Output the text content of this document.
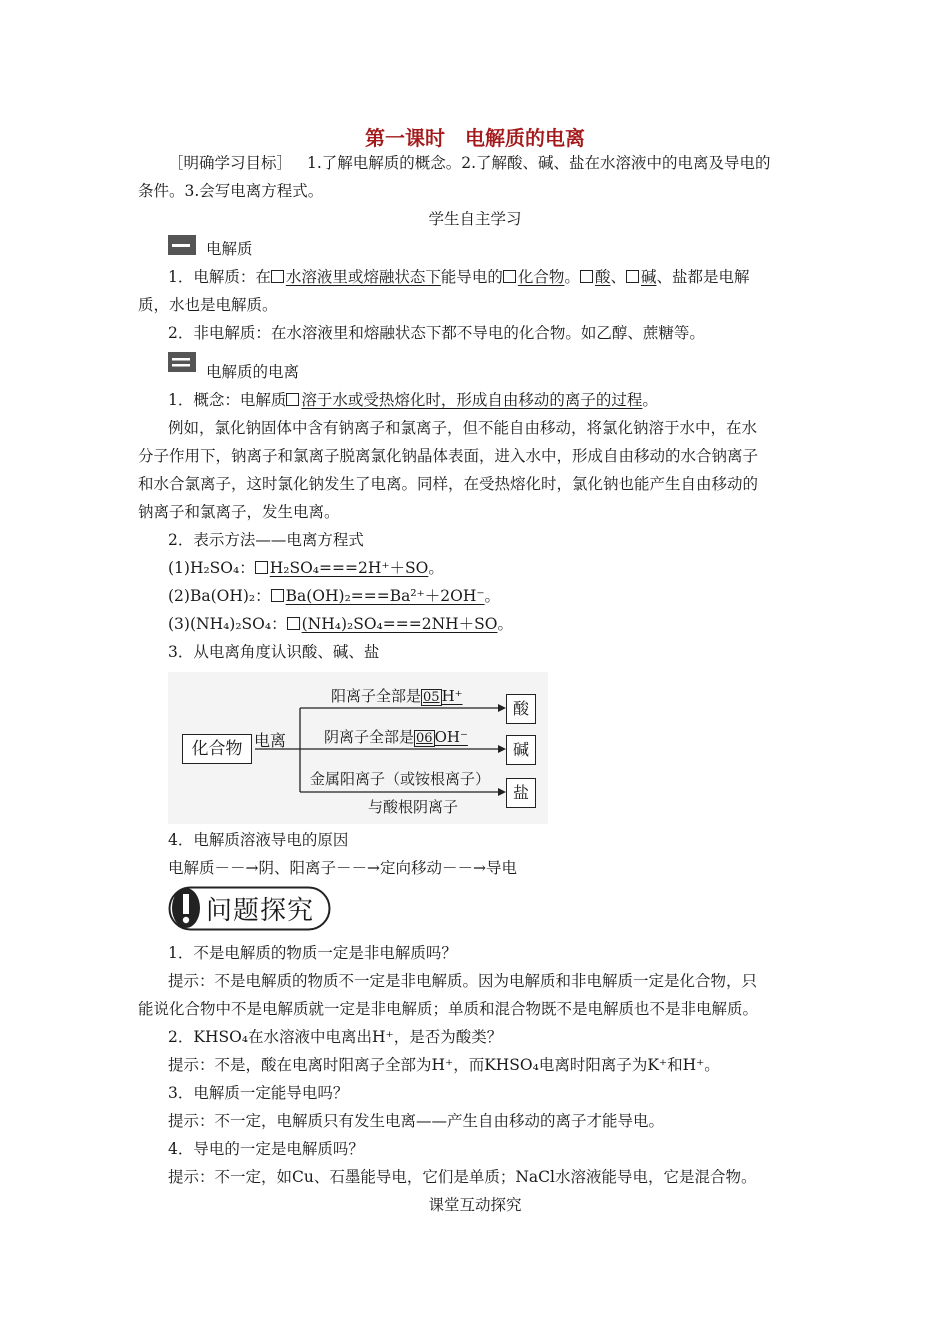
第一课时　电解质的电离
［明确学习目标］ 1.了解电解质的概念。2.了解酸、碱、盐在水溶液中的电离及导电的
条件。3.会写电离方程式。
学生自主学习
电解质
1．电解质：在 水溶液里或熔融状态下能导电的 化合物。 酸、 碱、盐都是电解
质，水也是电解质。
2．非电解质：在水溶液里和熔融状态下都不导电的化合物。如乙醇、蔗糖等。
电解质的电离
1．概念：电解质 溶于水或受热熔化时，形成自由移动的离子的过程。
例如，氯化钠固体中含有钠离子和氯离子，但不能自由移动，将氯化钠溶于水中，在水
分子作用下，钠离子和氯离子脱离氯化钠晶体表面，进入水中，形成自由移动的水合钠离子
和水合氯离子，这时氯化钠发生了电离。同样，在受热熔化时，氯化钠也能产生自由移动的
钠离子和氯离子，发生电离。
2．表示方法——电离方程式
(1)H₂SO₄： H₂SO₄===2H⁺＋SO。
(2)Ba(OH)₂： Ba(OH)₂===Ba²⁺＋2OH⁻。
(3)(NH₄)₂SO₄： (NH₄)₂SO₄===2NH＋SO。
3．从电离角度认识酸、碱、盐
化合物 电离
阳离子全部是 05 H⁺
阴离子全部是 06 OH⁻
金属阳离子（或铵根离子）
与酸根阴离子
酸
碱
盐
4．电解质溶液导电的原因
电解质－－→阴、阳离子－－→定向移动－－→导电
问题探究
1．不是电解质的物质一定是非电解质吗？
提示：不是电解质的物质不一定是非电解质。因为电解质和非电解质一定是化合物，只
能说化合物中不是电解质就一定是非电解质；单质和混合物既不是电解质也不是非电解质。
2．KHSO₄在水溶液中电离出H⁺，是否为酸类？
提示：不是，酸在电离时阳离子全部为H⁺，而KHSO₄电离时阳离子为K⁺和H⁺。
3．电解质一定能导电吗？
提示：不一定，电解质只有发生电离——产生自由移动的离子才能导电。
4．导电的一定是电解质吗？
提示：不一定，如Cu、石墨能导电，它们是单质；NaCl水溶液能导电，它是混合物。
课堂互动探究
